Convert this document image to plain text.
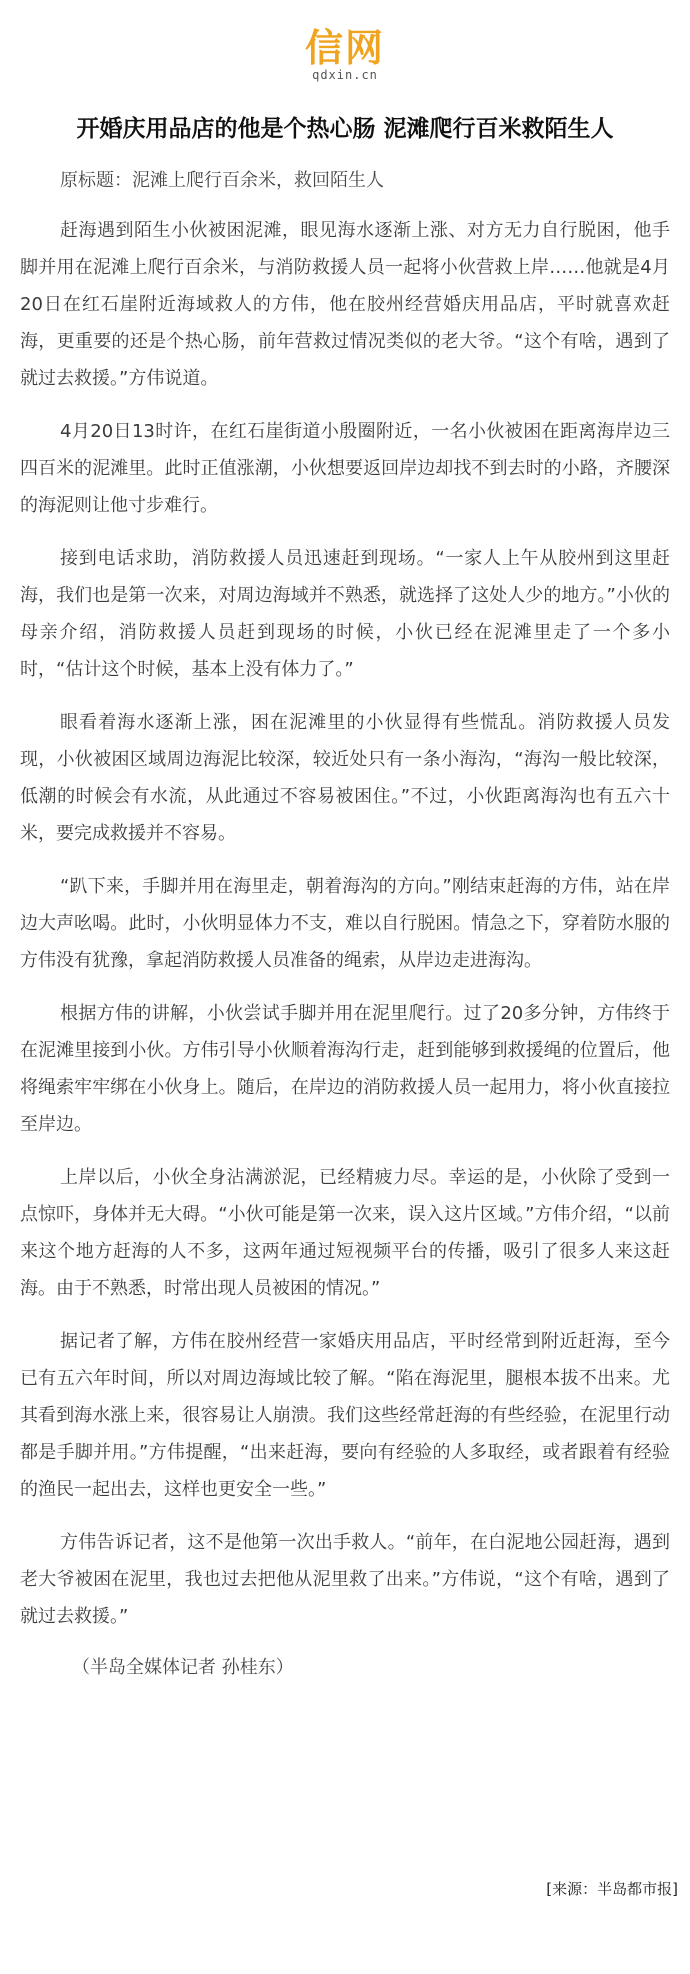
信网
qdxin.cn
开婚庆用品店的他是个热心肠 泥滩爬行百米救陌生人
原标题：泥滩上爬行百余米，救回陌生人

赶海遇到陌生小伙被困泥滩，眼见海水逐渐上涨、对方无力自行脱困，他手脚并用在泥滩上爬行百余米，与消防救援人员一起将小伙营救上岸……他就是4月20日在红石崖附近海域救人的方伟，他在胶州经营婚庆用品店，平时就喜欢赶海，更重要的还是个热心肠，前年营救过情况类似的老大爷。“这个有啥，遇到了就过去救援。”方伟说道。

4月20日13时许，在红石崖街道小殷圈附近，一名小伙被困在距离海岸边三四百米的泥滩里。此时正值涨潮，小伙想要返回岸边却找不到去时的小路，齐腰深的海泥则让他寸步难行。

接到电话求助，消防救援人员迅速赶到现场。“一家人上午从胶州到这里赶海，我们也是第一次来，对周边海域并不熟悉，就选择了这处人少的地方。”小伙的母亲介绍，消防救援人员赶到现场的时候，小伙已经在泥滩里走了一个多小时，“估计这个时候，基本上没有体力了。”

眼看着海水逐渐上涨，困在泥滩里的小伙显得有些慌乱。消防救援人员发现，小伙被困区域周边海泥比较深，较近处只有一条小海沟，“海沟一般比较深，低潮的时候会有水流，从此通过不容易被困住。”不过，小伙距离海沟也有五六十米，要完成救援并不容易。

“趴下来，手脚并用在海里走，朝着海沟的方向。”刚结束赶海的方伟，站在岸边大声吆喝。此时，小伙明显体力不支，难以自行脱困。情急之下，穿着防水服的方伟没有犹豫，拿起消防救援人员准备的绳索，从岸边走进海沟。

根据方伟的讲解，小伙尝试手脚并用在泥里爬行。过了20多分钟，方伟终于在泥滩里接到小伙。方伟引导小伙顺着海沟行走，赶到能够到救援绳的位置后，他将绳索牢牢绑在小伙身上。随后，在岸边的消防救援人员一起用力，将小伙直接拉至岸边。

上岸以后，小伙全身沾满淤泥，已经精疲力尽。幸运的是，小伙除了受到一点惊吓，身体并无大碍。“小伙可能是第一次来，误入这片区域。”方伟介绍，“以前来这个地方赶海的人不多，这两年通过短视频平台的传播，吸引了很多人来这赶海。由于不熟悉，时常出现人员被困的情况。”

据记者了解，方伟在胶州经营一家婚庆用品店，平时经常到附近赶海，至今已有五六年时间，所以对周边海域比较了解。“陷在海泥里，腿根本拔不出来。尤其看到海水涨上来，很容易让人崩溃。我们这些经常赶海的有些经验，在泥里行动都是手脚并用。”方伟提醒，“出来赶海，要向有经验的人多取经，或者跟着有经验的渔民一起出去，这样也更安全一些。”

方伟告诉记者，这不是他第一次出手救人。“前年，在白泥地公园赶海，遇到老大爷被困在泥里，我也过去把他从泥里救了出来。”方伟说，“这个有啥，遇到了就过去救援。”

（半岛全媒体记者 孙桂东）
[来源：半岛都市报]
